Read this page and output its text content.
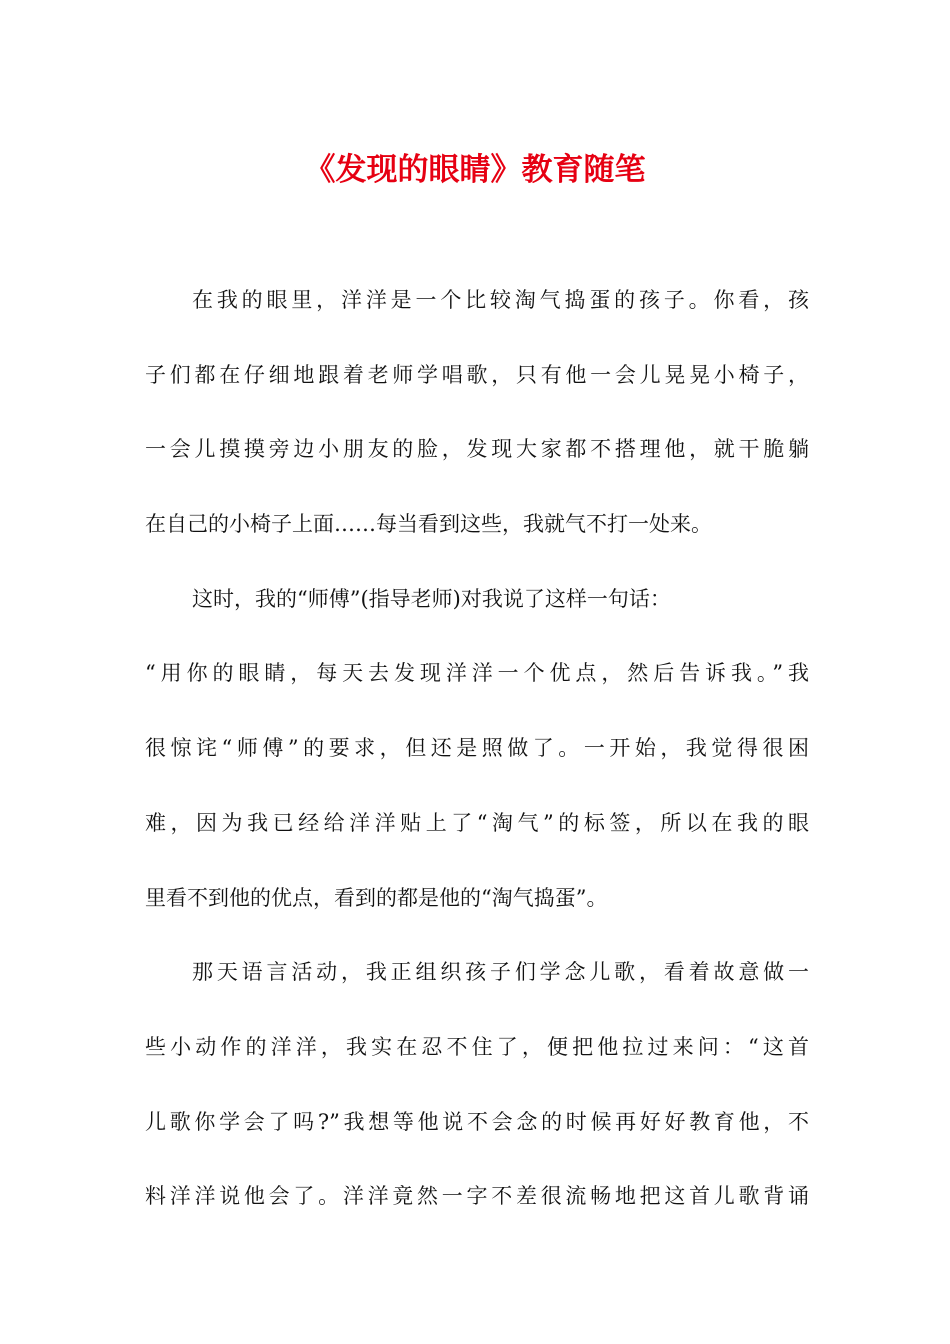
《发现的眼睛》教育随笔
在我的眼里，洋洋是一个比较淘气捣蛋的孩子。你看，孩
子们都在仔细地跟着老师学唱歌，只有他一会儿晃晃小椅子，
一会儿摸摸旁边小朋友的脸，发现大家都不搭理他，就干脆躺
在自己的小椅子上面……每当看到这些，我就气不打一处来。
这时，我的“师傅”(指导老师)对我说了这样一句话：
“用你的眼睛，每天去发现洋洋一个优点，然后告诉我。”我
很惊诧“师傅”的要求，但还是照做了。一开始，我觉得很困
难，因为我已经给洋洋贴上了“淘气”的标签，所以在我的眼
里看不到他的优点，看到的都是他的“淘气捣蛋”。
那天语言活动，我正组织孩子们学念儿歌，看着故意做一
些小动作的洋洋，我实在忍不住了，便把他拉过来问：“这首
儿歌你学会了吗?”我想等他说不会念的时候再好好教育他，不
料洋洋说他会了。洋洋竟然一字不差很流畅地把这首儿歌背诵
